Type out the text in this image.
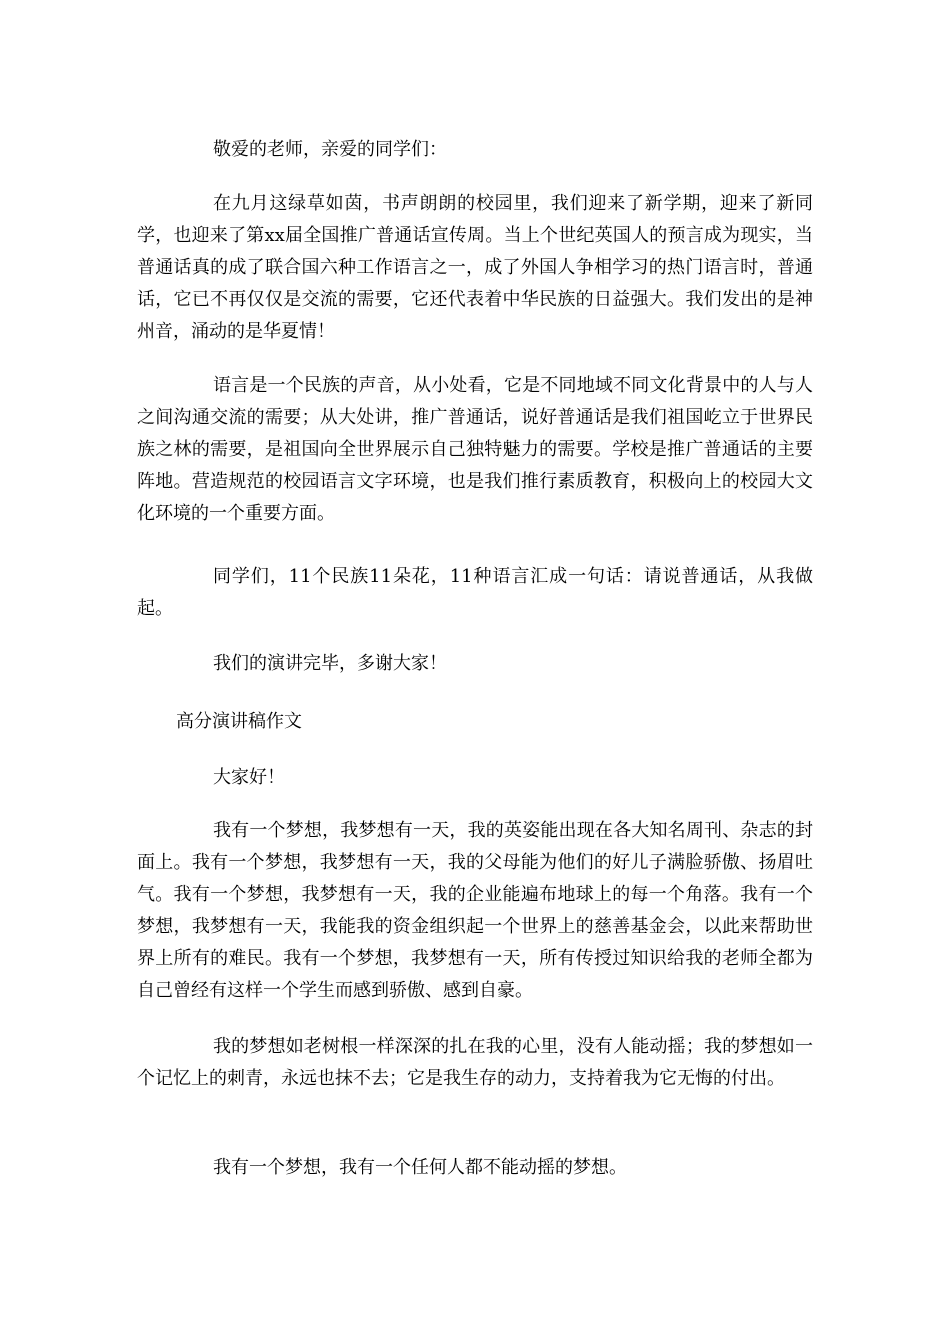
敬爱的老师，亲爱的同学们：

在九月这绿草如茵，书声朗朗的校园里，我们迎来了新学期，迎来了新同学，也迎来了第xx届全国推广普通话宣传周。当上个世纪英国人的预言成为现实，当普通话真的成了联合国六种工作语言之一，成了外国人争相学习的热门语言时，普通话，它已不再仅仅是交流的需要，它还代表着中华民族的日益强大。我们发出的是神州音，涌动的是华夏情！

语言是一个民族的声音，从小处看，它是不同地域不同文化背景中的人与人之间沟通交流的需要；从大处讲，推广普通话，说好普通话是我们祖国屹立于世界民族之林的需要，是祖国向全世界展示自己独特魅力的需要。学校是推广普通话的主要阵地。营造规范的校园语言文字环境，也是我们推行素质教育，积极向上的校园大文化环境的一个重要方面。

同学们，11个民族11朵花，11种语言汇成一句话：请说普通话，从我做起。

我们的演讲完毕，多谢大家！

高分演讲稿作文

大家好！

我有一个梦想，我梦想有一天，我的英姿能出现在各大知名周刊、杂志的封面上。我有一个梦想，我梦想有一天，我的父母能为他们的好儿子满脸骄傲、扬眉吐气。我有一个梦想，我梦想有一天，我的企业能遍布地球上的每一个角落。我有一个梦想，我梦想有一天，我能我的资金组织起一个世界上的慈善基金会，以此来帮助世界上所有的难民。我有一个梦想，我梦想有一天，所有传授过知识给我的老师全都为自己曾经有这样一个学生而感到骄傲、感到自豪。

我的梦想如老树根一样深深的扎在我的心里，没有人能动摇；我的梦想如一个记忆上的刺青，永远也抹不去；它是我生存的动力，支持着我为它无悔的付出。

我有一个梦想，我有一个任何人都不能动摇的梦想。
